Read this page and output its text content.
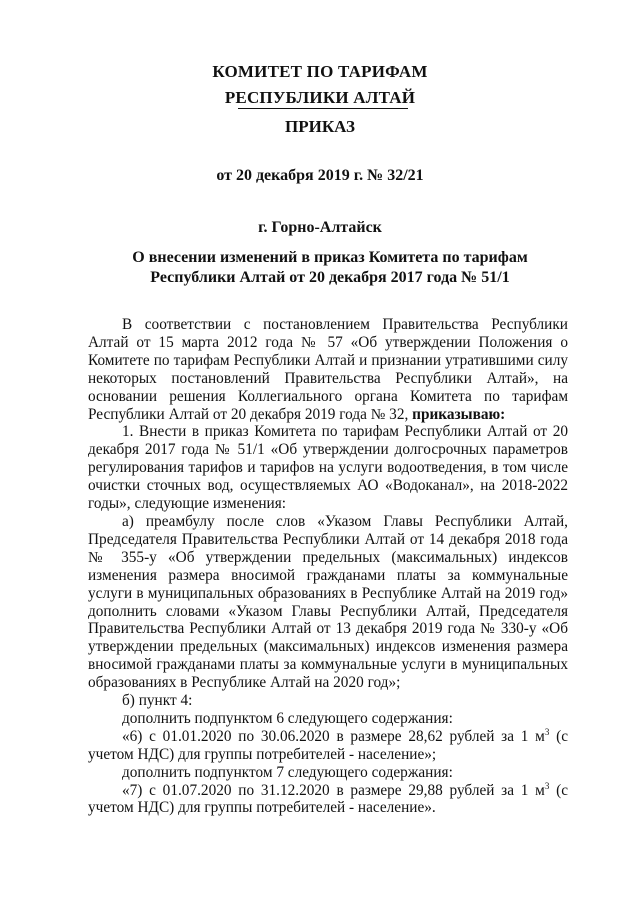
КОМИТЕТ ПО ТАРИФАМ
РЕСПУБЛИКИ АЛТАЙ
ПРИКАЗ
от 20 декабря 2019 г. № 32/21
г. Горно-Алтайск
О внесении изменений в приказ Комитета по тарифам Республики Алтай от 20 декабря 2017 года № 51/1

В соответствии с постановлением Правительства Республики Алтай от 15 марта 2012 года № 57 «Об утверждении Положения о Комитете по тарифам Республики Алтай и признании утратившими силу некоторых постановлений Правительства Республики Алтай», на основании решения Коллегиального органа Комитета по тарифам Республики Алтай от 20 декабря 2019 года № 32, приказываю:

1. Внести в приказ Комитета по тарифам Республики Алтай от 20 декабря 2017 года № 51/1 «Об утверждении долгосрочных параметров регулирования тарифов и тарифов на услуги водоотведения, в том числе очистки сточных вод, осуществляемых АО «Водоканал», на 2018-2022 годы», следующие изменения:

а) преамбулу после слов «Указом Главы Республики Алтай, Председателя Правительства Республики Алтай от 14 декабря 2018 года № 355-у «Об утверждении предельных (максимальных) индексов изменения размера вносимой гражданами платы за коммунальные услуги в муниципальных образованиях в Республике Алтай на 2019 год» дополнить словами «Указом Главы Республики Алтай, Председателя Правительства Республики Алтай от 13 декабря 2019 года № 330-у «Об утверждении предельных (максимальных) индексов изменения размера вносимой гражданами платы за коммунальные услуги в муниципальных образованиях в Республике Алтай на 2020 год»;

б) пункт 4:

дополнить подпунктом 6 следующего содержания:

«6) с 01.01.2020 по 30.06.2020 в размере 28,62 рублей за 1 $м^3$ (с учетом НДС) для группы потребителей - население»;

дополнить подпунктом 7 следующего содержания:

«7) с 01.07.2020 по 31.12.2020 в размере 29,88 рублей за 1 $м^3$ (с учетом НДС) для группы потребителей - население».
